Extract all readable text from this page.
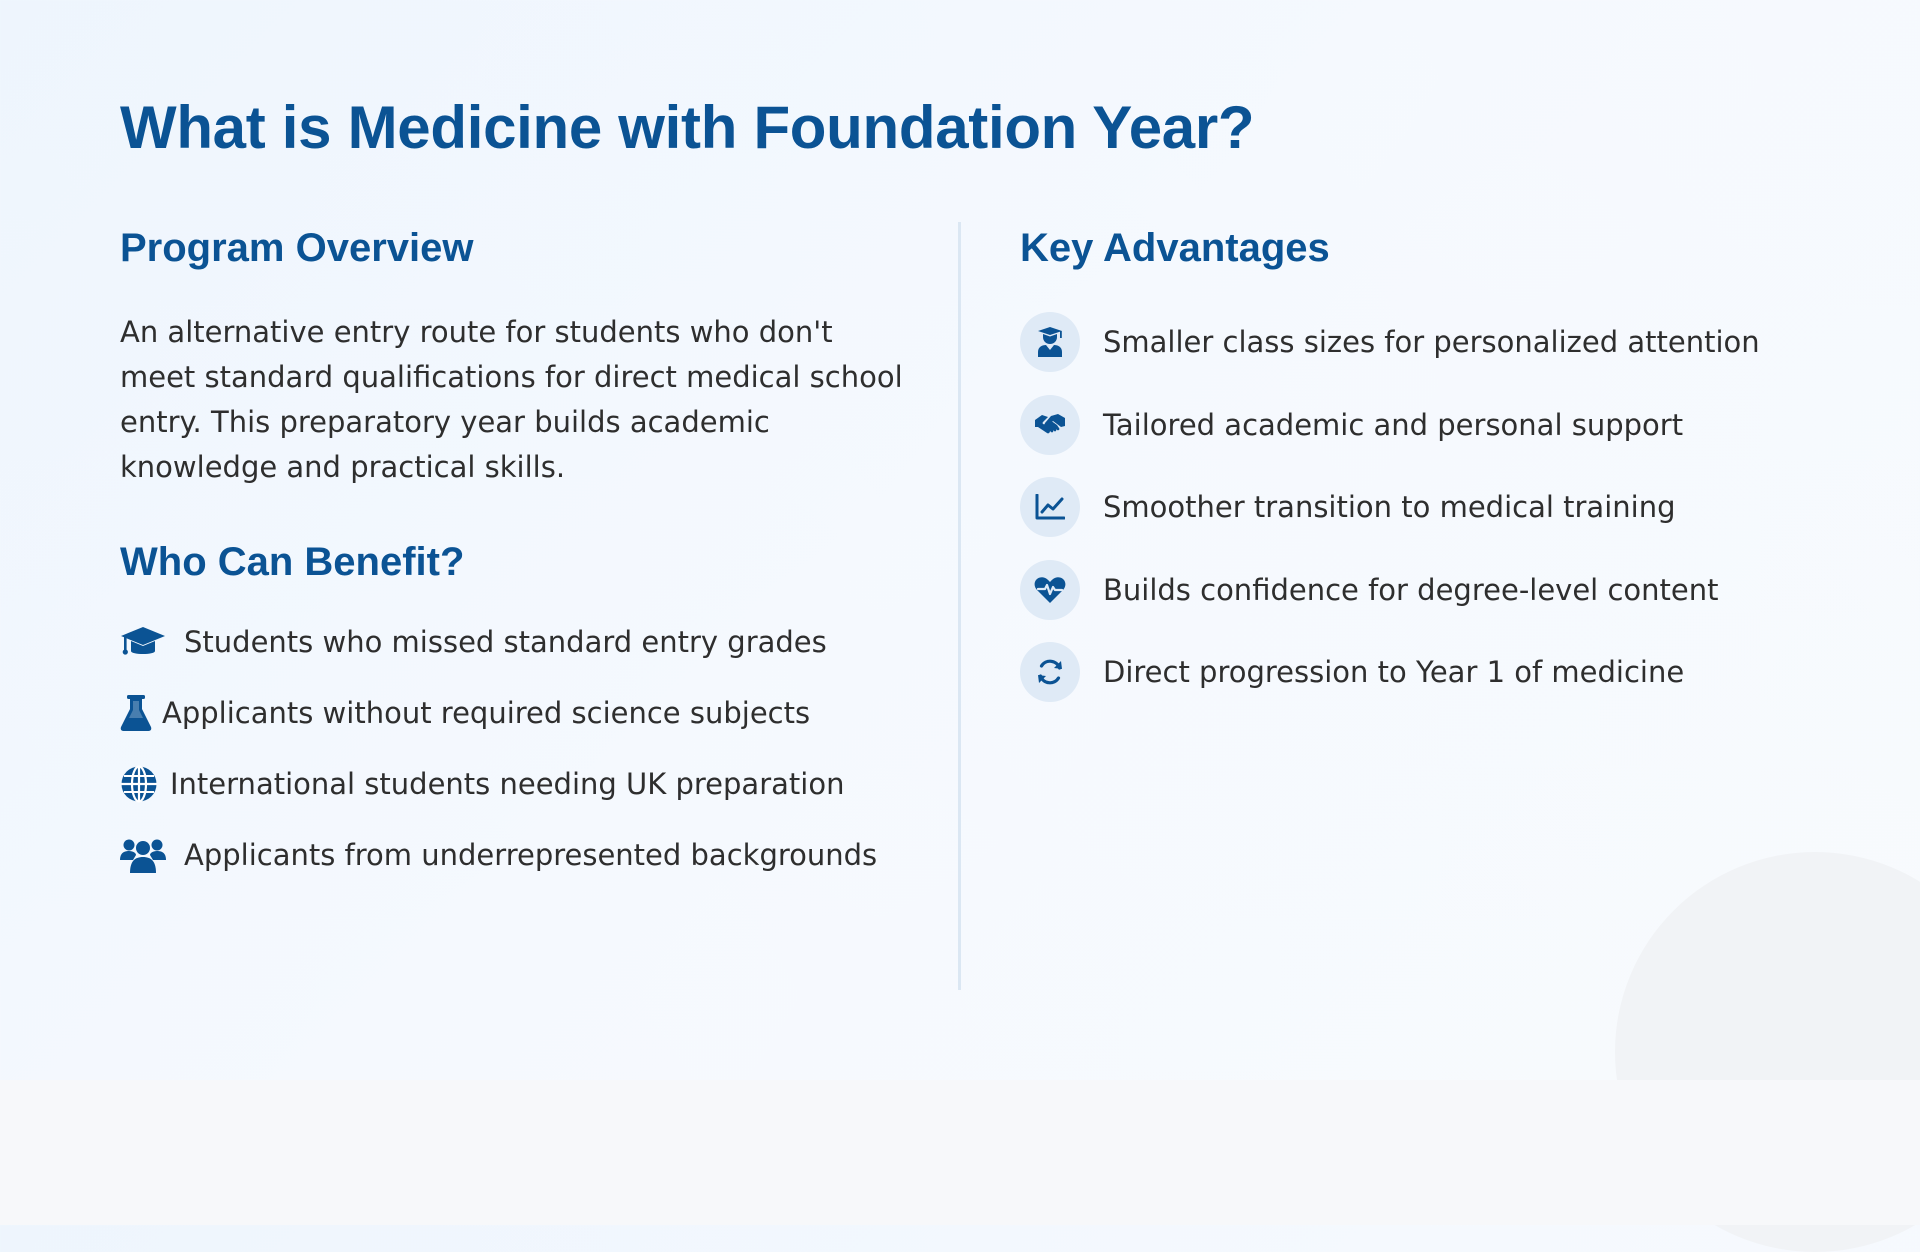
What is Medicine with Foundation Year?
Program Overview

An alternative entry route for students who don't meet standard qualifications for direct medical school entry. This preparatory year builds academic knowledge and practical skills.

Who Can Benefit?
Students who missed standard entry grades
Applicants without required science subjects
International students needing UK preparation
Applicants from underrepresented backgrounds
Key Advantages
Smaller class sizes for personalized attention
Tailored academic and personal support
Smoother transition to medical training
Builds confidence for degree-level content
Direct progression to Year 1 of medicine
